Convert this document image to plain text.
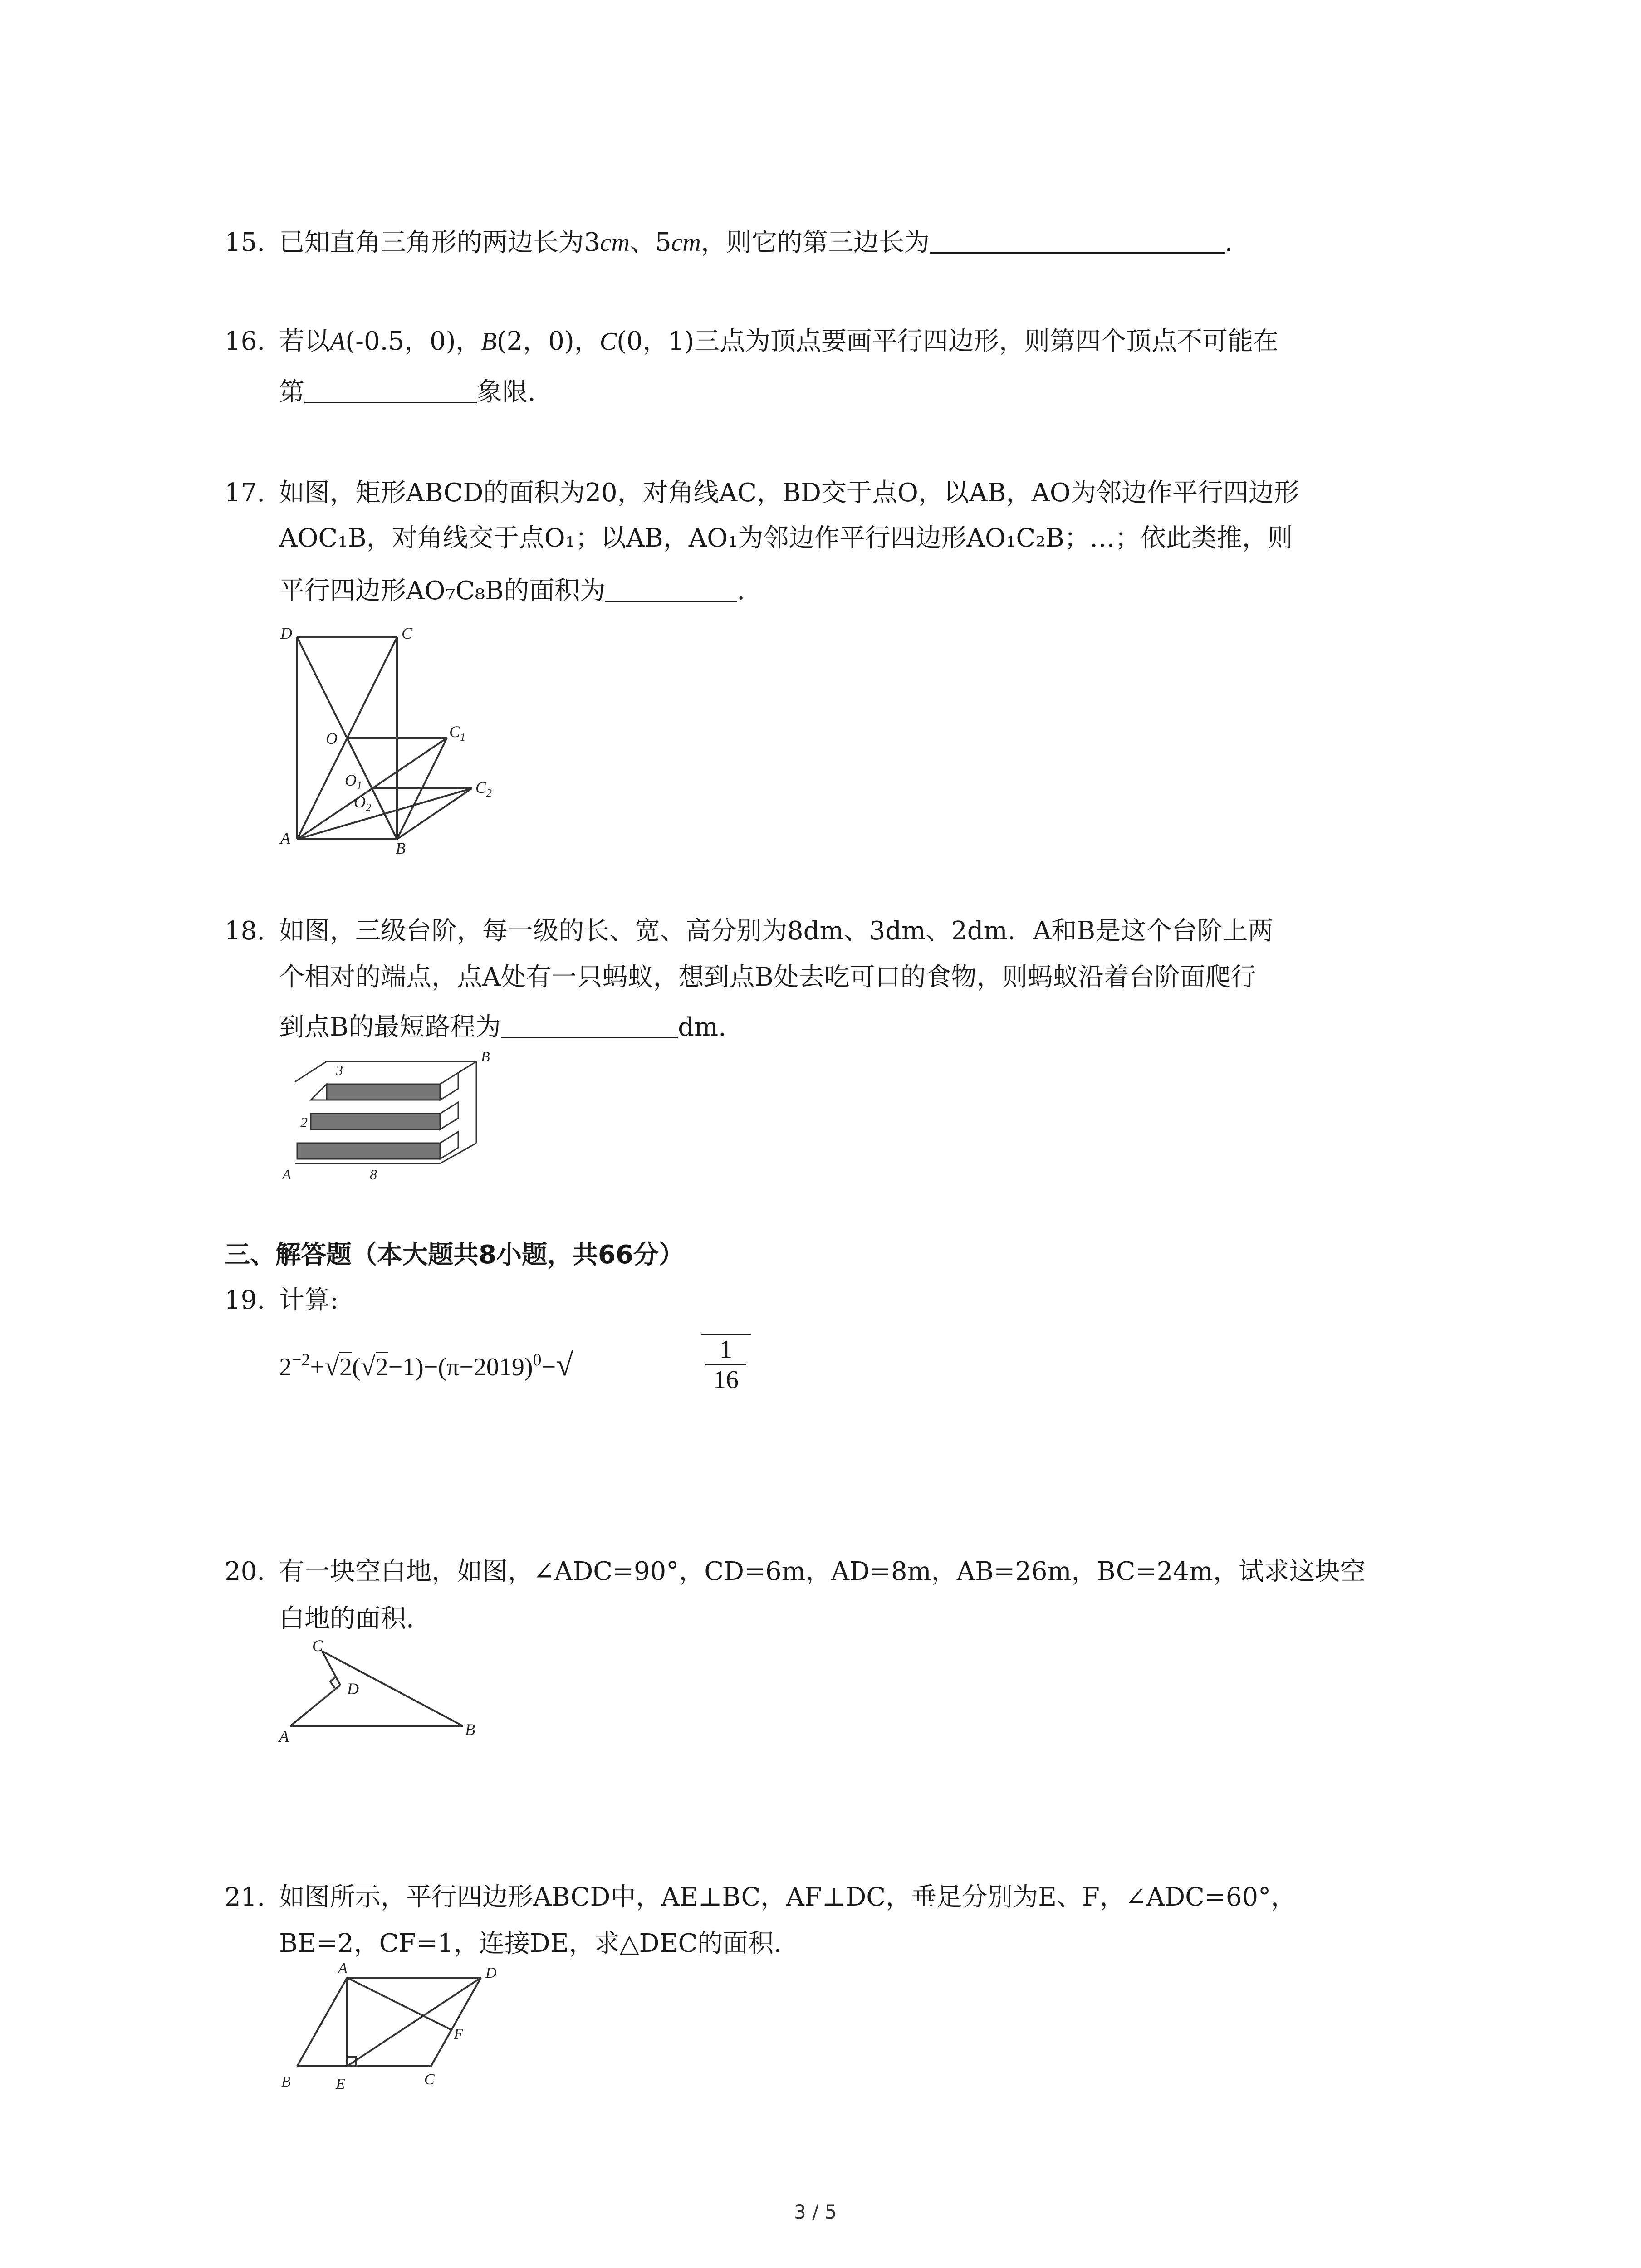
15. 已知直角三角形的两边长为3cm、5cm，则它的第三边长为	.
16. 若以A(-0.5，0)，B(2，0)，C(0，1)三点为顶点要画平行四边形，则第四个顶点不可能在
第	象限.
17. 如图，矩形ABCD的面积为20，对角线AC，BD交于点O，以AB，AO为邻边作平行四边形
AOC₁B，对角线交于点O₁；以AB，AO₁为邻边作平行四边形AO₁C₂B；…；依此类推，则
平行四边形AO₇C₈B的面积为	.
D	C
O	$C_1$
$O_1$
$O_2$
$C_2$
A
B
18. 如图，三级台阶，每一级的长、宽、高分别为8dm、3dm、2dm．A和B是这个台阶上两
个相对的端点，点A处有一只蚂蚁，想到点B处去吃可口的食物，则蚂蚁沿着台阶面爬行
到点B的最短路程为	dm.
3
2
A	8
B
三、解答题（本大题共8小题，共66分）
19. 计算:
$2^{-2}+√2(√2-1)-(\pi-2019)^0-√$	1
16
20. 有一块空白地，如图，∠ADC=90°，CD=6m，AD=8m，AB=26m，BC=24m，试求这块空
白地的面积.
C
D
A	B
21. 如图所示，平行四边形ABCD中，AE⊥BC，AF⊥DC，垂足分别为E、F，∠ADC=60°，
BE=2，CF=1，连接DE，求△DEC的面积.
A	D
F
B	E	C
3 / 5
